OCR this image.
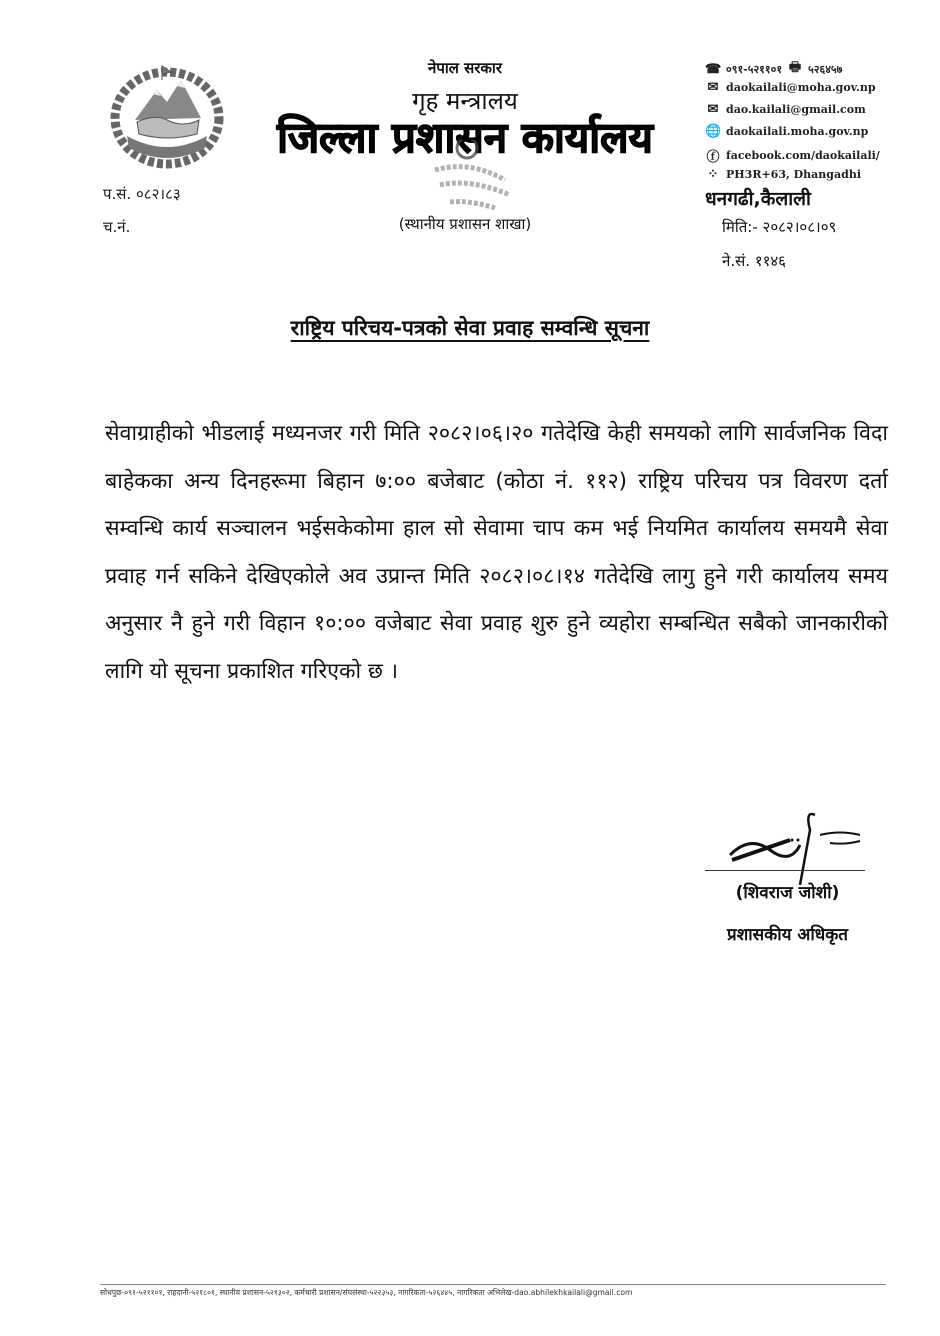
प.सं. ०८२।८३
च.नं.
नेपाल सरकार
गृह मन्त्रालय
जिल्ला प्रशासन कार्यालय
(स्थानीय प्रशासन शाखा)
☎ ०९१-५२११०१ 🖶 ५२६४५७
✉ daokailali@moha.gov.np
✉ dao.kailali@gmail.com
🌐 daokailali.moha.gov.np
ⓕ facebook.com/daokailali/
⁘ PH3R+63, Dhangadhi
धनगढी,कैलाली
मिति:- २०८२।०८।०९
ने.सं. ११४६
राष्ट्रिय परिचय-पत्रको सेवा प्रवाह सम्वन्धि सूचना
सेवाग्राहीको भीडलाई मध्यनजर गरी मिति २०८२।०६।२० गतेदेखि केही समयको लागि सार्वजनिक विदा बाहेकका अन्य दिनहरूमा बिहान ७:०० बजेबाट (कोठा नं. ११२) राष्ट्रिय परिचय पत्र विवरण दर्ता सम्वन्धि कार्य सञ्चालन भईसकेकोमा हाल सो सेवामा चाप कम भई नियमित कार्यालय समयमै सेवा प्रवाह गर्न सकिने देखिएकोले अव उप्रान्त मिति २०८२।०८।१४ गतेदेखि लागु हुने गरी कार्यालय समय अनुसार नै हुने गरी विहान १०:०० वजेबाट सेवा प्रवाह शुरु हुने व्यहोरा सम्बन्धित सबैको जानकारीको लागि यो सूचना प्रकाशित गरिएको छ ।
(शिवराज जोशी)
प्रशासकीय अधिकृत
सोधपुछ-०९१-५२११०१, राहदानी-५२१८०१, स्थानीय प्रशासन-५२१३०२, कर्मचारी प्रशासन/संघसंस्था-५२२३५३, नागरिकता-५२६४४५, नागरिकता अभिलेख-dao.abhilekhkailali@gmail.com
